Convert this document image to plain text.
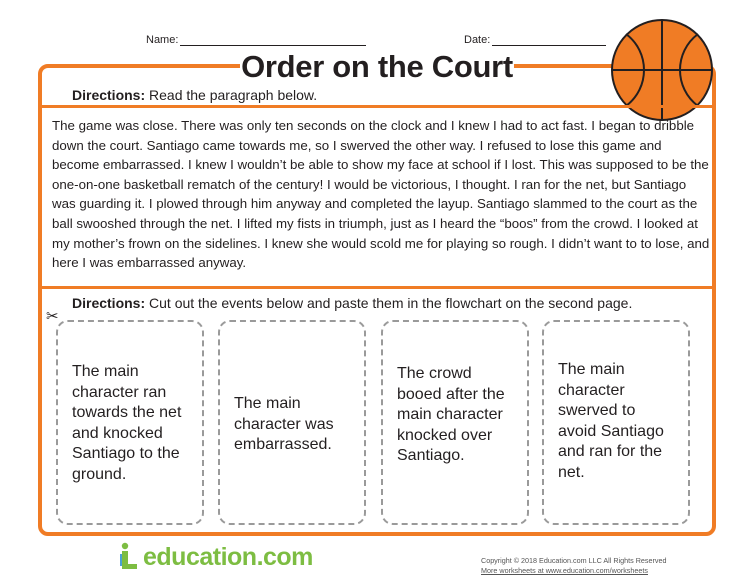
Name:	Date:
Order on the Court
Directions: Read the paragraph below.
The game was close. There was only ten seconds on the clock and I knew I had to act fast. I began to dribble down the court. Santiago came towards me, so I swerved the other way. I refused to lose this game and become embarrassed. I knew I wouldn’t be able to show my face at school if I lost. This was supposed to be the one-on-one basketball rematch of the century! I would be victorious, I thought. I ran for the net, but Santiago was guarding it. I plowed through him anyway and completed the layup. Santiago slammed to the court as the ball swooshed through the net. I lifted my fists in triumph, just as I heard the “boos” from the crowd. I looked at my mother’s frown on the sidelines. I knew she would scold me for playing so rough. I didn’t want to to lose, and here I was embarrassed anyway.
Directions: Cut out the events below and paste them in the flowchart on the second page.
✂
The main character ran towards the net and knocked Santiago to the ground.
The main character was embarrassed.
The crowd booed after the main character knocked over Santiago.
The main character swerved to avoid Santiago and ran for the net.
education.com	Copyright © 2018 Education.com LLC All Rights Reserved
More worksheets at www.education.com/worksheets
